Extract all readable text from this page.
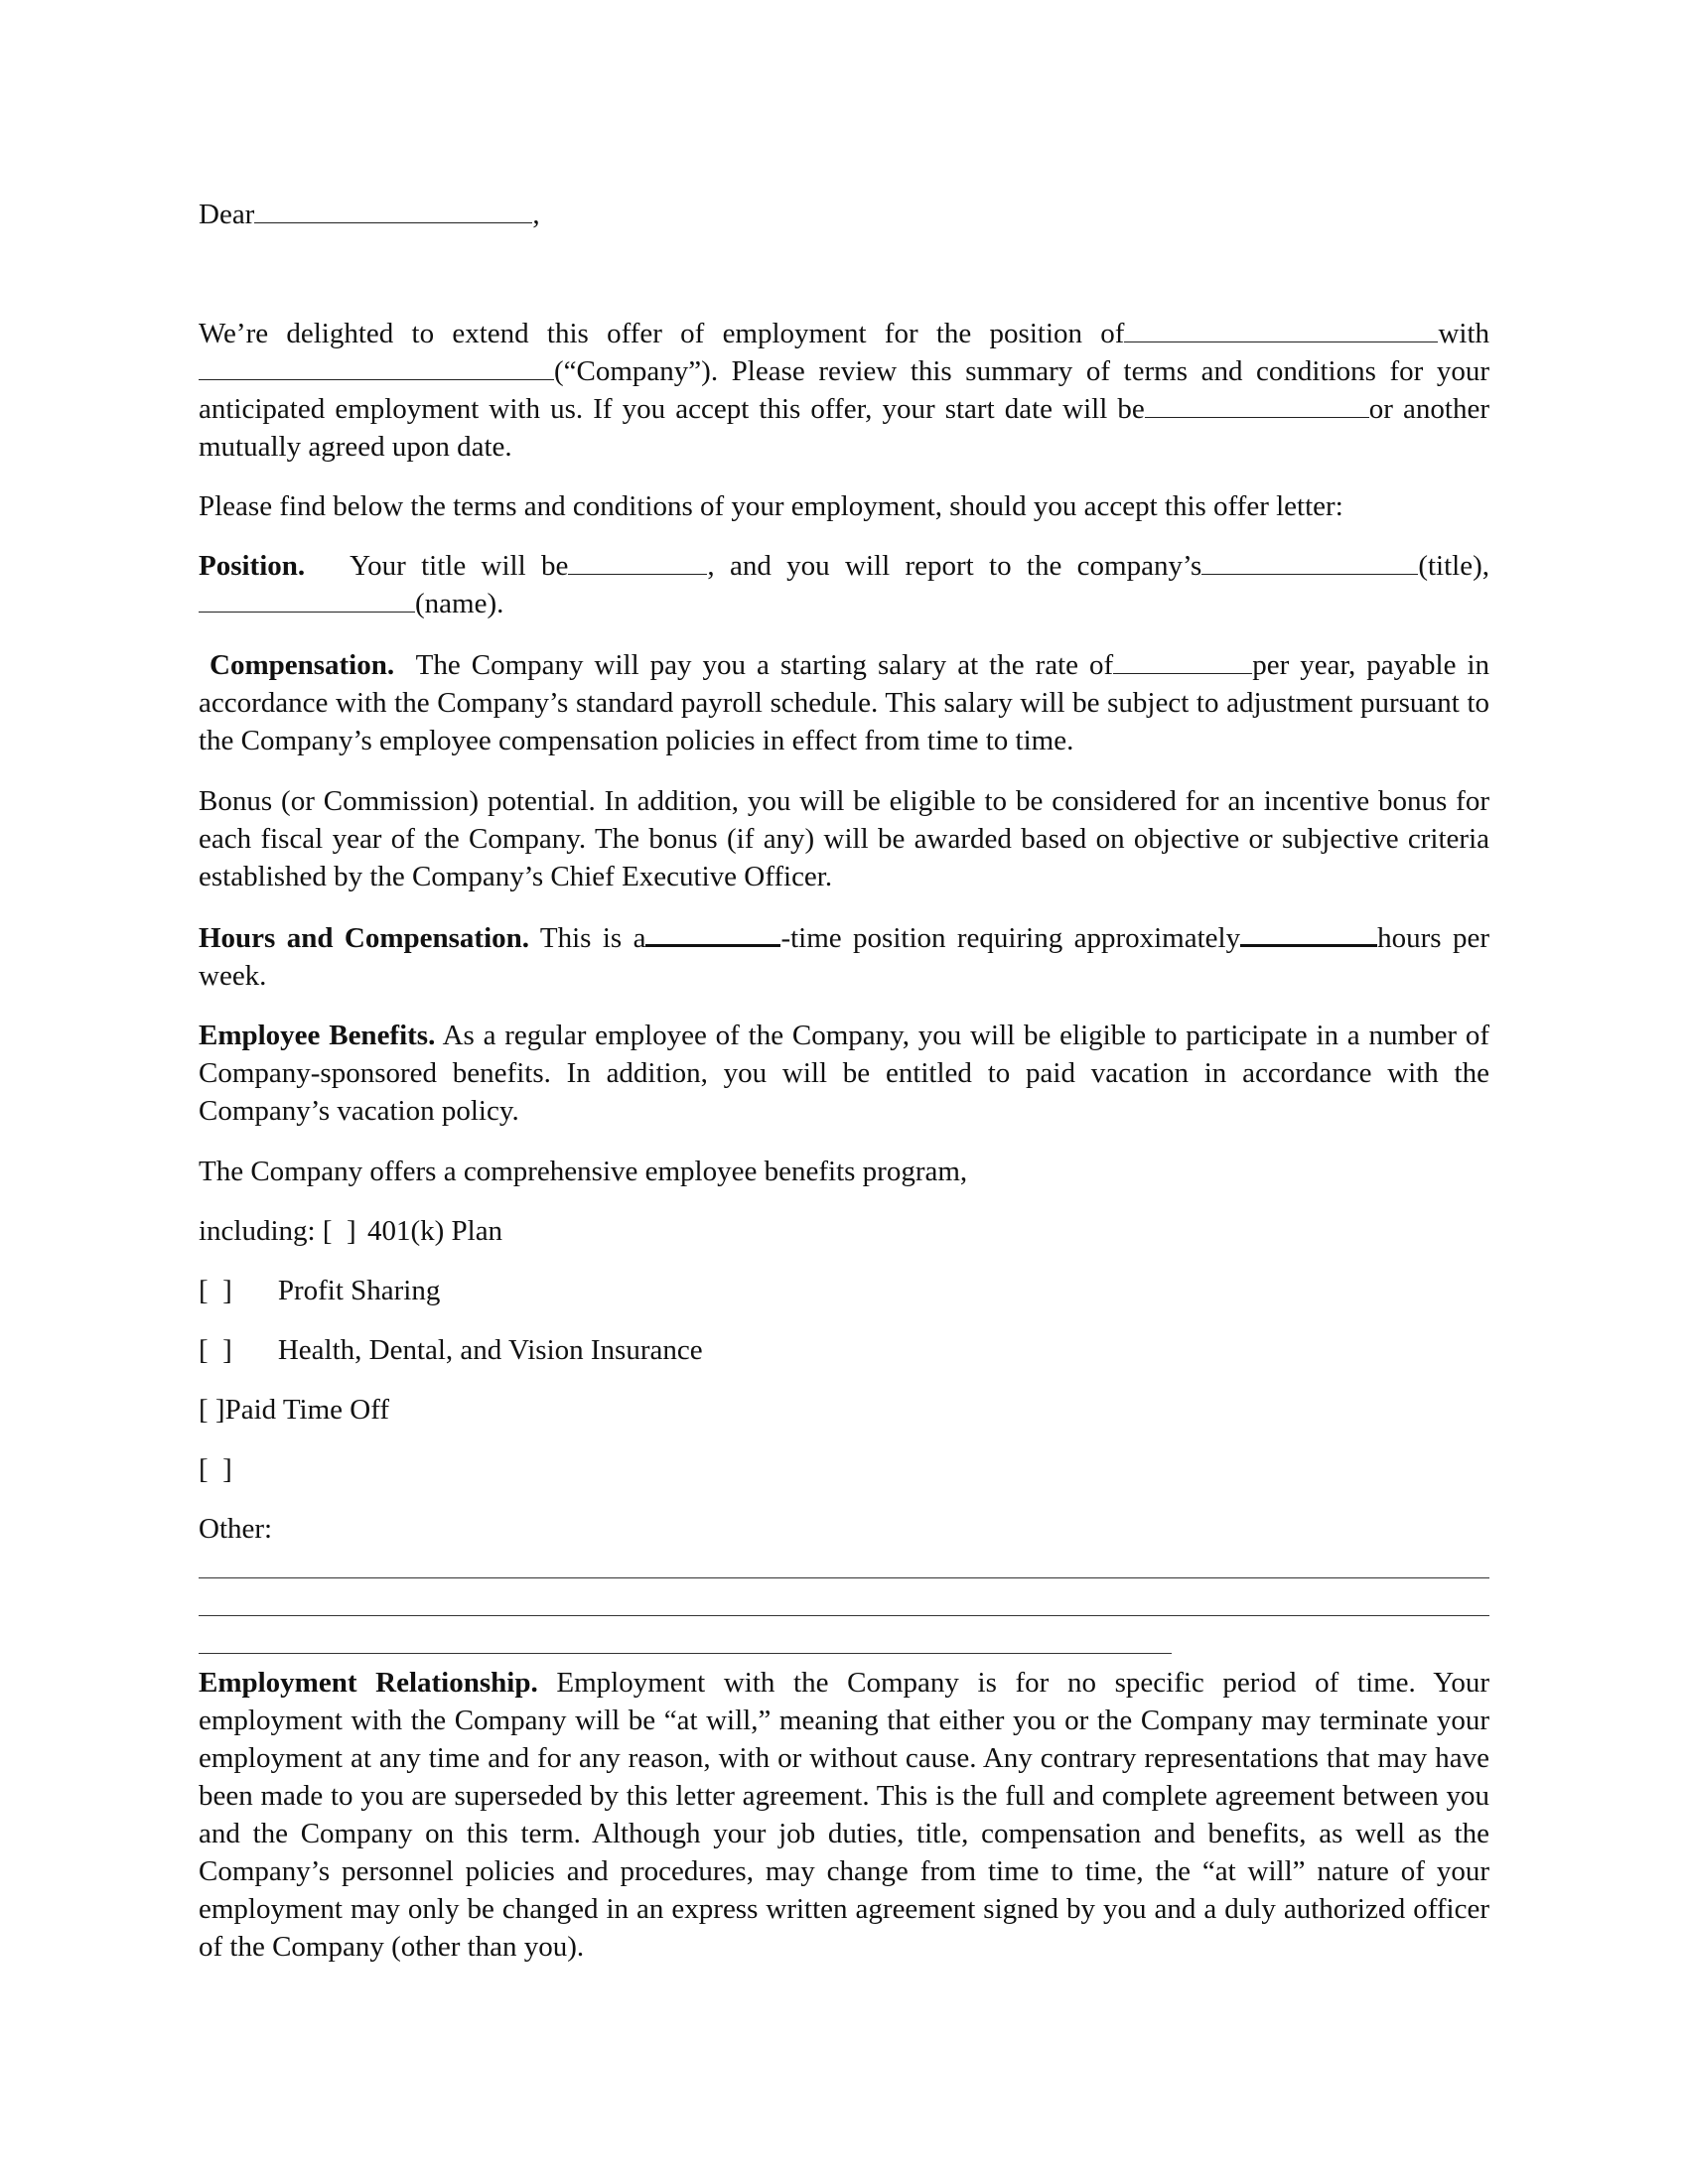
Dear	,

We’re delighted to extend this offer of employment for the position of	with (“Company”). Please review this summary of terms and conditions for your anticipated employment with us. If you accept this offer, your start date will be	or another mutually agreed upon date.

Please find below the terms and conditions of your employment, should you accept this offer letter:

Position. Your title will be	, and you will report to the company’s	(title), (name).

Compensation. The Company will pay you a starting salary at the rate of	per year, payable in accordance with the Company’s standard payroll schedule. This salary will be subject to adjustment pursuant to the Company’s employee compensation policies in effect from time to time.

Bonus (or Commission) potential. In addition, you will be eligible to be considered for an incentive bonus for each fiscal year of the Company. The bonus (if any) will be awarded based on objective or subjective criteria established by the Company’s Chief Executive Officer.

Hours and Compensation. This is a	-time position requiring approximately	hours per week.

Employee Benefits. As a regular employee of the Company, you will be eligible to participate in a number of Company-sponsored benefits. In addition, you will be entitled to paid vacation in accordance with the Company’s vacation policy.

The Company offers a comprehensive employee benefits program,

including: [  ] 401(k) Plan

[  ] Profit Sharing

[  ] Health, Dental, and Vision Insurance

[ ]Paid Time Off

[  ]

Other:

Employment Relationship. Employment with the Company is for no specific period of time. Your employment with the Company will be “at will,” meaning that either you or the Company may terminate your employment at any time and for any reason, with or without cause. Any contrary representations that may have been made to you are superseded by this letter agreement. This is the full and complete agreement between you and the Company on this term. Although your job duties, title, compensation and benefits, as well as the Company’s personnel policies and procedures, may change from time to time, the “at will” nature of your employment may only be changed in an express written agreement signed by you and a duly authorized officer of the Company (other than you).
